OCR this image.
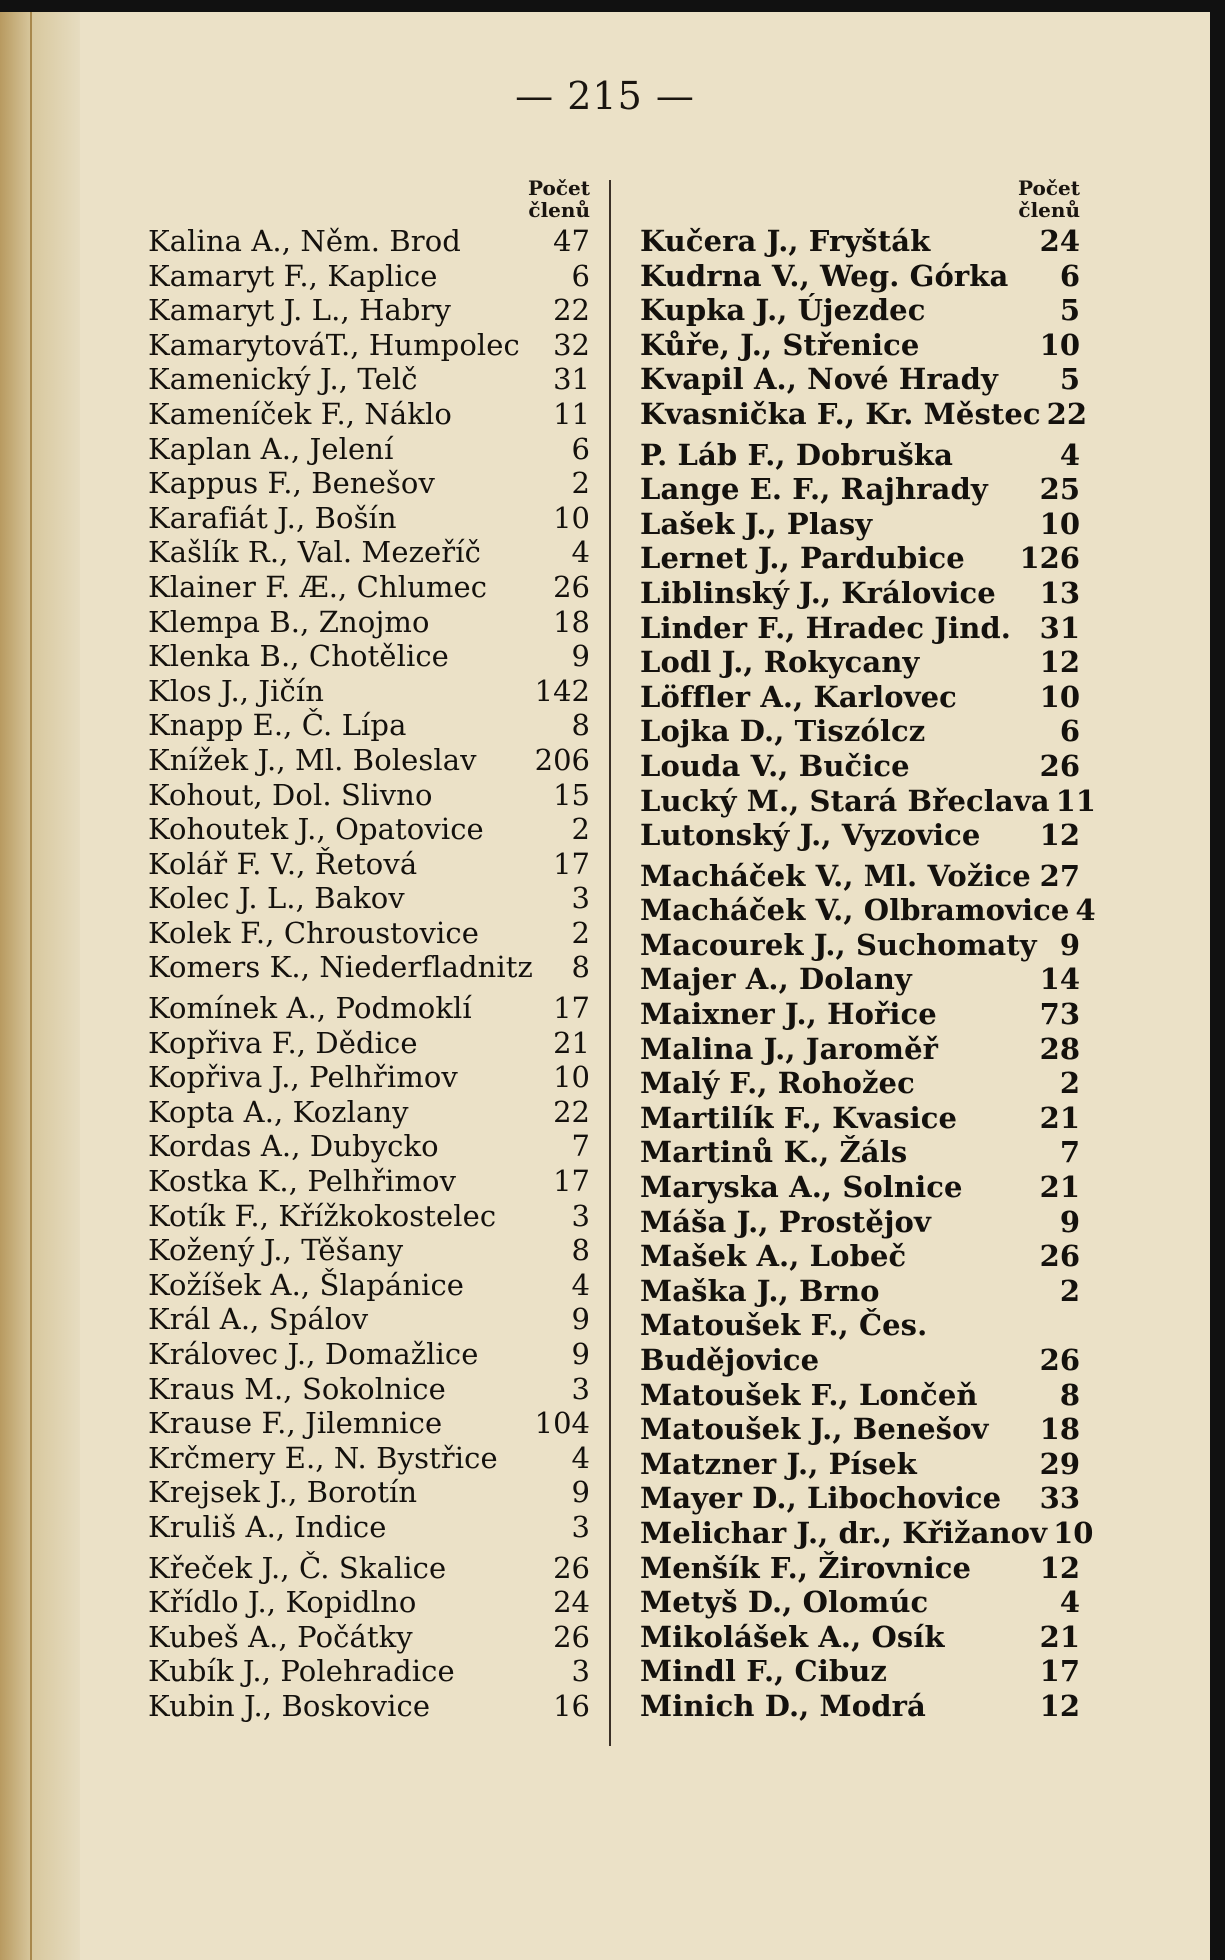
— 215 —
Počet
členů
Kalina A., Něm. Brod	47
Kamaryt F., Kaplice	6
Kamaryt J. L., Habry	22
KamarytováT., Humpolec 32
Kamenický J., Telč	31
Kameníček F., Náklo	11
Kaplan A., Jelení	6
Kappus F., Benešov	2
Karafiát J., Bošín	10
Kašlík R., Val. Mezeříč	4
Klainer F. Æ., Chlumec 26
Klempa B., Znojmo	18
Klenka B., Chotělice	9
Klos J., Jičín	142
Knapp E., Č. Lípa	8
Knížek J., Ml. Boleslav 206
Kohout, Dol. Slivno	15
Kohoutek J., Opatovice	2
Kolář F. V., Řetová	17
Kolec J. L., Bakov	3
Kolek F., Chroustovice	2
Komers K., Niederfladnitz 8
Komínek A., Podmoklí	17
Kopřiva F., Dědice	21
Kopřiva J., Pelhřimov	10
Kopta A., Kozlany	22
Kordas A., Dubycko	7
Kostka K., Pelhřimov	17
Kotík F., Křížkokostelec	3
Kožený J., Těšany	8
Kožíšek A., Šlapánice	4
Král A., Spálov	9
Královec J., Domažlice	9
Kraus M., Sokolnice	3
Krause F., Jilemnice	104
Krčmery E., N. Bystřice	4
Krejsek J., Borotín	9
Kruliš A., Indice	3
Křeček J., Č. Skalice	26
Křídlo J., Kopidlno	24
Kubeš A., Počátky	26
Kubík J., Polehradice	3
Kubin J., Boskovice	16
Počet
členů
Kučera J., Fryšták	24
Kudrna V., Weg. Górka 6
Kupka J., Újezdec	5
Kůře, J., Střenice	10
Kvapil A., Nové Hrady 5
Kvasnička F., Kr. Městec 22
P. Láb F., Dobruška	4
Lange E. F., Rajhrady 25
Lašek J., Plasy	10
Lernet J., Pardubice 126
Liblinský J., Královice 13
Linder F., Hradec Jind. 31
Lodl J., Rokycany	12
Löffler A., Karlovec	10
Lojka D., Tiszólcz	6
Louda V., Bučice	26
Lucký M., Stará Břeclava 11
Lutonský J., Vyzovice 12
Macháček V., Ml. Vožice 27
Macháček V., Olbramovice 4
Macourek J., Suchomaty 9
Majer A., Dolany	14
Maixner J., Hořice	73
Malina J., Jaroměř	28
Malý F., Rohožec	2
Martilík F., Kvasice	21
Martinů K., Žáls	7
Maryska A., Solnice	21
Máša J., Prostějov	9
Mašek A., Lobeč	26
Maška J., Brno	2
Matoušek F., Čes. Budějovice	26
Matoušek F., Lončeň	8
Matoušek J., Benešov 18
Matzner J., Písek	29
Mayer D., Libochovice 33
Melichar J., dr., Křižanov 10
Menšík F., Žirovnice 12
Metyš D., Olomúc	4
Mikolášek A., Osík	21
Mindl F., Cibuz	17
Minich D., Modrá	12
